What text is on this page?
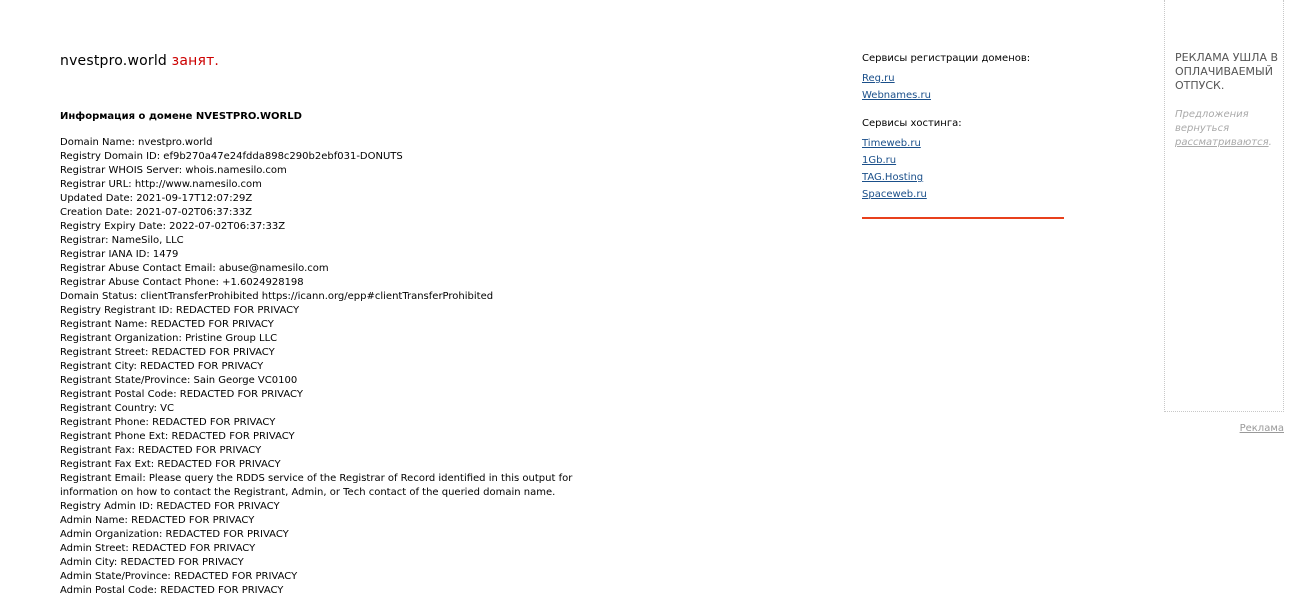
nvestpro.world занят.
Информация о домене NVESTPRO.WORLD
Domain Name: nvestpro.world
Registry Domain ID: ef9b270a47e24fdda898c290b2ebf031-DONUTS
Registrar WHOIS Server: whois.namesilo.com
Registrar URL: http://www.namesilo.com
Updated Date: 2021-09-17T12:07:29Z
Creation Date: 2021-07-02T06:37:33Z
Registry Expiry Date: 2022-07-02T06:37:33Z
Registrar: NameSilo, LLC
Registrar IANA ID: 1479
Registrar Abuse Contact Email: abuse@namesilo.com
Registrar Abuse Contact Phone: +1.6024928198
Domain Status: clientTransferProhibited https://icann.org/epp#clientTransferProhibited
Registry Registrant ID: REDACTED FOR PRIVACY
Registrant Name: REDACTED FOR PRIVACY
Registrant Organization: Pristine Group LLC
Registrant Street: REDACTED FOR PRIVACY
Registrant City: REDACTED FOR PRIVACY
Registrant State/Province: Sain George VC0100
Registrant Postal Code: REDACTED FOR PRIVACY
Registrant Country: VC
Registrant Phone: REDACTED FOR PRIVACY
Registrant Phone Ext: REDACTED FOR PRIVACY
Registrant Fax: REDACTED FOR PRIVACY
Registrant Fax Ext: REDACTED FOR PRIVACY
Registrant Email: Please query the RDDS service of the Registrar of Record identified in this output for information on how to contact the Registrant, Admin, or Tech contact of the queried domain name.
Registry Admin ID: REDACTED FOR PRIVACY
Admin Name: REDACTED FOR PRIVACY
Admin Organization: REDACTED FOR PRIVACY
Admin Street: REDACTED FOR PRIVACY
Admin City: REDACTED FOR PRIVACY
Admin State/Province: REDACTED FOR PRIVACY
Admin Postal Code: REDACTED FOR PRIVACY
Сервисы регистрации доменов:
Reg.ru
Webnames.ru
Сервисы хостинга:
Timeweb.ru
1Gb.ru
TAG.Hosting
Spaceweb.ru
РЕКЛАМА УШЛА В ОПЛАЧИВАЕМЫЙ ОТПУСК.
Предложения вернуться рассматриваются.
Реклама
